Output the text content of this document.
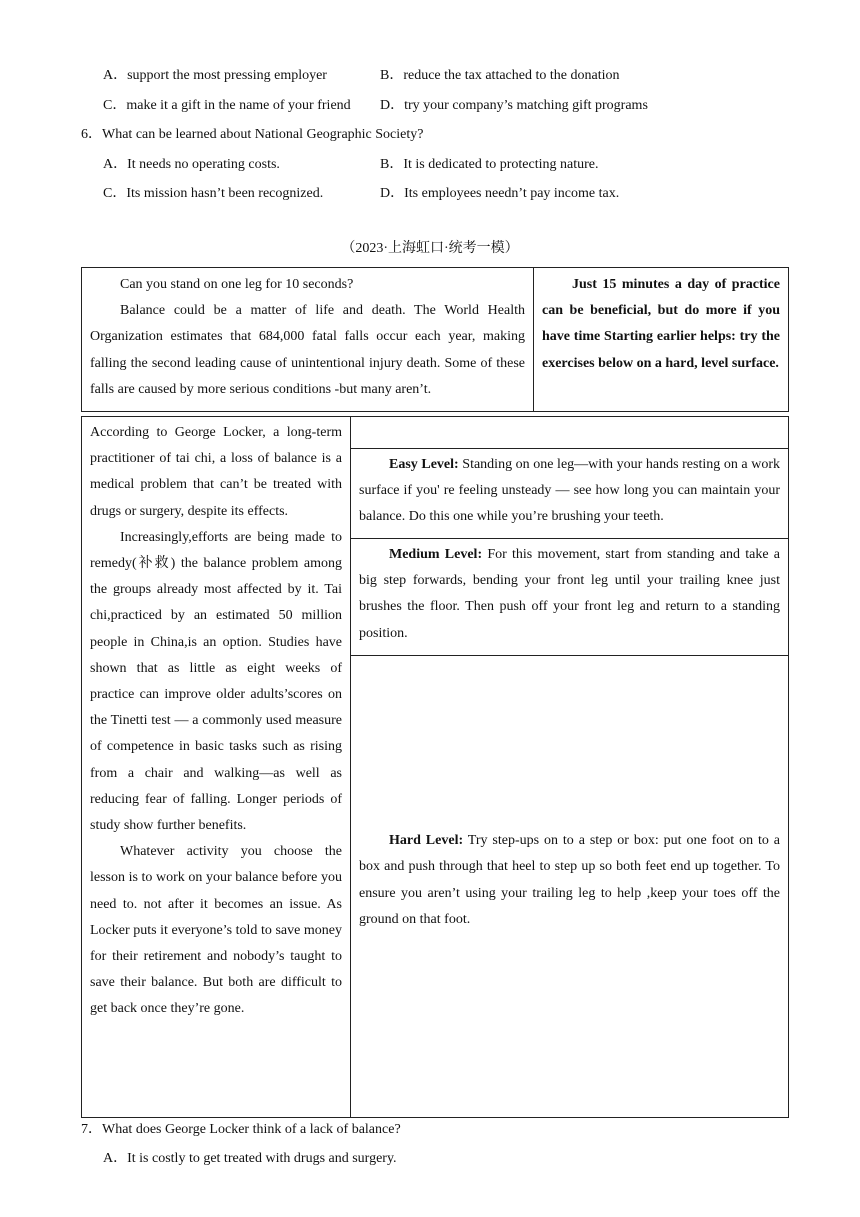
A．support the most pressing employer	B．reduce the tax attached to the donation
C．make it a gift in the name of your friend D．try your company’s matching gift programs
6．What can be learned about National Geographic Society?
A．It needs no operating costs.	B．It is dedicated to protecting nature.
C．Its mission hasn’t been recognized.	D．Its employees needn’t pay income tax.
（2023·上海虹口·统考一模）
Can you stand on one leg for 10 seconds?
Balance could be a matter of life and death. The World Health Organization estimates that 684,000 fatal falls occur each year, making falling the second leading cause of unintentional injury death. Some of these falls are caused by more serious conditions -but many aren’t.

Just 15 minutes a day of practice can be beneficial, but do more if you have time Starting earlier helps: try the exercises below on a hard, level surface.
According to George Locker, a long-term practitioner of tai chi, a loss of balance is a medical problem that can’t be treated with drugs or surgery, despite its effects.
Increasingly,efforts are being made to remedy(补救) the balance problem among the groups already most affected by it. Tai chi,practiced by an estimated 50 million people in China,is an option. Studies have shown that as little as eight weeks of practice can improve older adults’scores on the Tinetti test — a commonly used measure of competence in basic tasks such as rising from a chair and walking—as well as reducing fear of falling. Longer periods of study show further benefits.
Whatever activity you choose the lesson is to work on your balance before you need to. not after it becomes an issue. As Locker puts it everyone’s told to save money for their retirement and nobody’s taught to save their balance. But both are difficult to get back once they’re gone.

Easy Level: Standing on one leg—with your hands resting on a work surface if you' re feeling unsteady — see how long you can maintain your balance. Do this one while you’re brushing your teeth.

Medium Level: For this movement, start from standing and take a big step forwards, bending your front leg until your trailing knee just brushes the floor. Then push off your front leg and return to a standing position.

Hard Level: Try step-ups on to a step or box: put one foot on to a box and push through that heel to step up so both feet end up together. To ensure you aren’t using your trailing leg to help ,keep your toes off the ground on that foot.
7．What does George Locker think of a lack of balance?
A．It is costly to get treated with drugs and surgery.
